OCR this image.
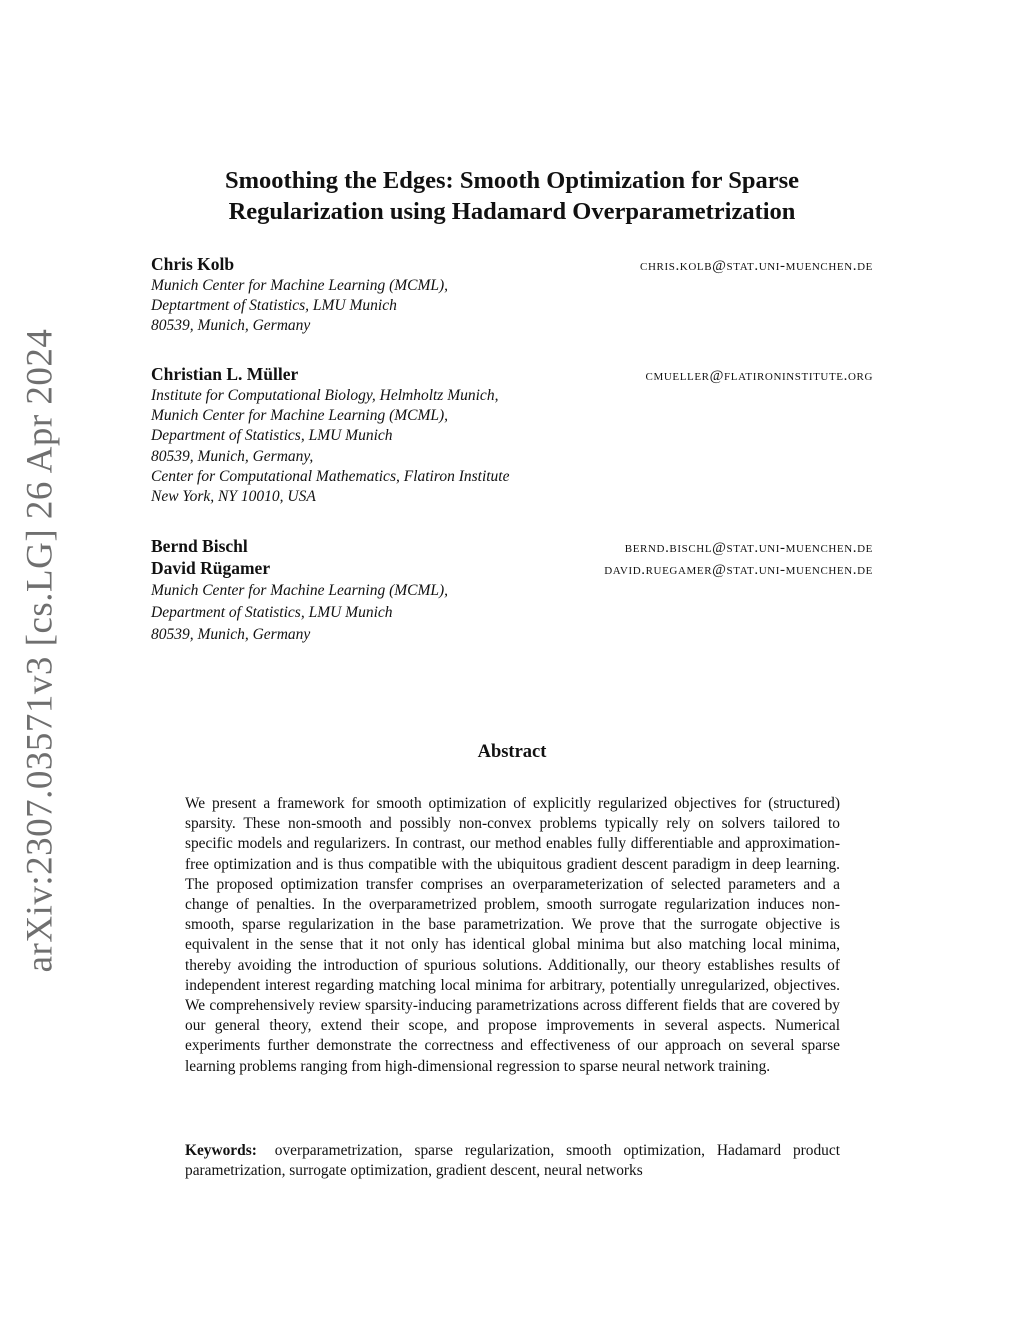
arXiv:2307.03571v3 [cs.LG] 26 Apr 2024
Smoothing the Edges: Smooth Optimization for Sparse
Regularization using Hadamard Overparametrization
Chris Kolb	chris.kolb@stat.uni-muenchen.de
Munich Center for Machine Learning (MCML),
Deptartment of Statistics, LMU Munich
80539, Munich, Germany
Christian L. Müller	cmueller@flatironinstitute.org
Institute for Computational Biology, Helmholtz Munich,
Munich Center for Machine Learning (MCML),
Department of Statistics, LMU Munich
80539, Munich, Germany,
Center for Computational Mathematics, Flatiron Institute
New York, NY 10010, USA
Bernd Bischl	bernd.bischl@stat.uni-muenchen.de
David Rügamer	david.ruegamer@stat.uni-muenchen.de
Munich Center for Machine Learning (MCML),
Department of Statistics, LMU Munich
80539, Munich, Germany
Abstract

We present a framework for smooth optimization of explicitly regularized objectives for (structured) sparsity. These non-smooth and possibly non-convex problems typically rely on solvers tailored to specific models and regularizers. In contrast, our method enables fully differentiable and approximation-free optimization and is thus compatible with the ubiquitous gradient descent paradigm in deep learning. The proposed optimization transfer comprises an overparameterization of selected parameters and a change of penalties. In the overparametrized problem, smooth surrogate regularization induces non-smooth, sparse regularization in the base parametrization. We prove that the surrogate objective is equivalent in the sense that it not only has identical global minima but also matching local minima, thereby avoiding the introduction of spurious solutions. Additionally, our theory establishes results of independent interest regarding matching local minima for arbitrary, potentially unregularized, objectives. We comprehensively review sparsity-inducing parametrizations across different fields that are covered by our general theory, extend their scope, and propose improvements in several aspects. Numerical experiments further demonstrate the correctness and effectiveness of our approach on several sparse learning problems ranging from high-dimensional regression to sparse neural network training.

Keywords: overparametrization, sparse regularization, smooth optimization, Hadamard product parametrization, surrogate optimization, gradient descent, neural networks
